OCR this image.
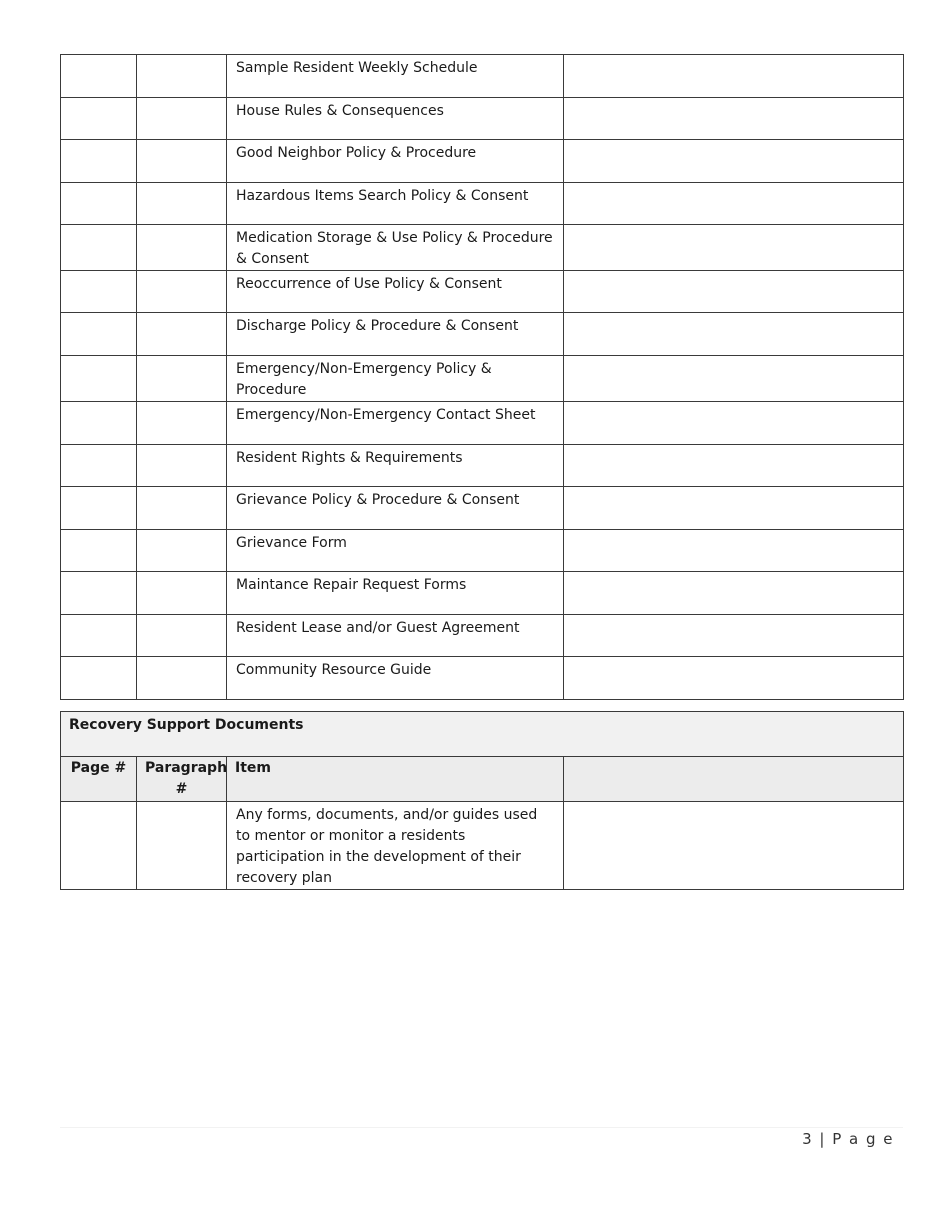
		Sample Resident Weekly Schedule	

		House Rules & Consequences	

		Good Neighbor Policy & Procedure	

		Hazardous Items Search Policy & Consent	

		Medication Storage & Use Policy & Procedure & Consent	

		Reoccurrence of Use Policy & Consent	

		Discharge Policy & Procedure & Consent	

		Emergency/Non-Emergency Policy & Procedure	

		Emergency/Non-Emergency Contact Sheet	

		Resident Rights & Requirements	

		Grievance Policy & Procedure & Consent	

		Grievance Form	

		Maintance Repair Request Forms	

		Resident Lease and/or Guest Agreement	

		Community Resource Guide	

Recovery Support Documents			

Page #	Paragraph #	Item	

		Any forms, documents, and/or guides used to mentor or monitor a residents participation in the development of their recovery plan	

3 | P a g e
